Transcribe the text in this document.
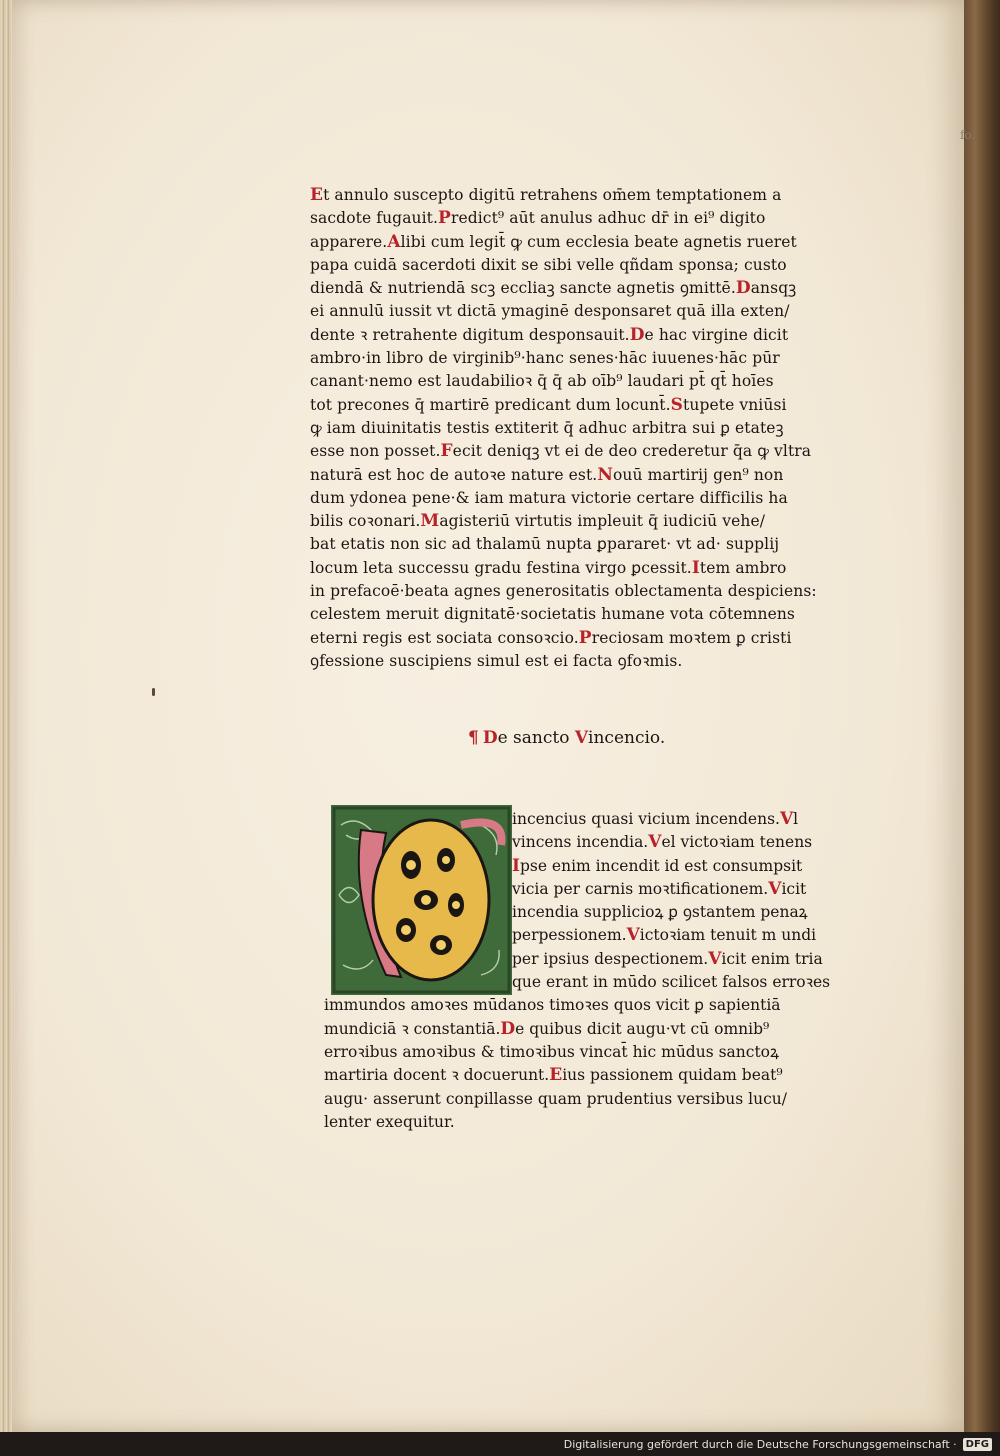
fo.
Et annulo suscepto digitū retrahens om̄em temptationem a
sacdote fugauit.Predict⁹ aūt anulus adhuc dr̄ in ei⁹ digito
apparere.Alibi cum legit̄ ꝙ cum ecclesia beate agnetis rueret
papa cuidā sacerdoti dixit se sibi velle qñdam sponsa; custo
diendā & nutriendā scꝫ eccliaꝫ sancte agnetis ꝯmittē.Dansqꝫ
ei annulū iussit vt dictā ymaginē desponsaret quā illa exten/
dente ꝛ retrahente digitum desponsauit.De hac virgine dicit
ambro·in libro de virginib⁹·hanc senes·hāc iuuenes·hāc pūr
canant·nemo est laudabilioꝛ q̄ q̄ ab oīb⁹ laudari pt̄ qt̄ hoīes
tot precones q̄ martirē predicant dum locunt̄.Stupete vniūsi
ꝙ iam diuinitatis testis extiterit q̄ adhuc arbitra sui ꝑ etateꝫ
esse non posset.Fecit deniqꝫ vt ei de deo crederetur q̄a ꝙ vltra
naturā est hoc de autoꝛe nature est.Nouū martirij gen⁹ non
dum ydonea pene·& iam matura victorie certare difficilis ha
bilis coꝛonari.Magisteriū virtutis impleuit q̄ iudiciū vehe/
bat etatis non sic ad thalamū nupta ꝑpararet· vt ad· supplij
locum leta successu gradu festina virgo ꝑcessit.Item ambro
in prefacoē·beata agnes generositatis oblectamenta despiciens:
celestem meruit dignitatē·societatis humane vota cōtemnens
eterni regis est sociata consoꝛcio.Preciosam moꝛtem ꝑ cristi
ꝯfessione suscipiens simul est ei facta ꝯfoꝛmis.
¶ De sancto Vincencio.
incencius quasi vicium incendens.Vl
vincens incendia.Vel victoꝛiam tenens
Ipse enim incendit id est consumpsit
vicia per carnis moꝛtificationem.Vicit
incendia supplicioꝝ ꝑ ꝯstantem penaꝝ
perpessionem.Victoꝛiam tenuit m undi
per ipsius despectionem.Vicit enim tria
que erant in mūdo scilicet falsos erroꝛes
immundos amoꝛes mūdanos timoꝛes quos vicit ꝑ sapientiā
mundiciā ꝛ constantiā.De quibus dicit augu·vt cū omnib⁹
erroꝛibus amoꝛibus & timoꝛibus vincat̄ hic mūdus sanctoꝝ
martiria docent ꝛ docuerunt.Eius passionem quidam beat⁹
augu· asserunt conpillasse quam prudentius versibus lucu/
lenter exequitur.
Digitalisierung gefördert durch die Deutsche Forschungsgemeinschaft · DFG
